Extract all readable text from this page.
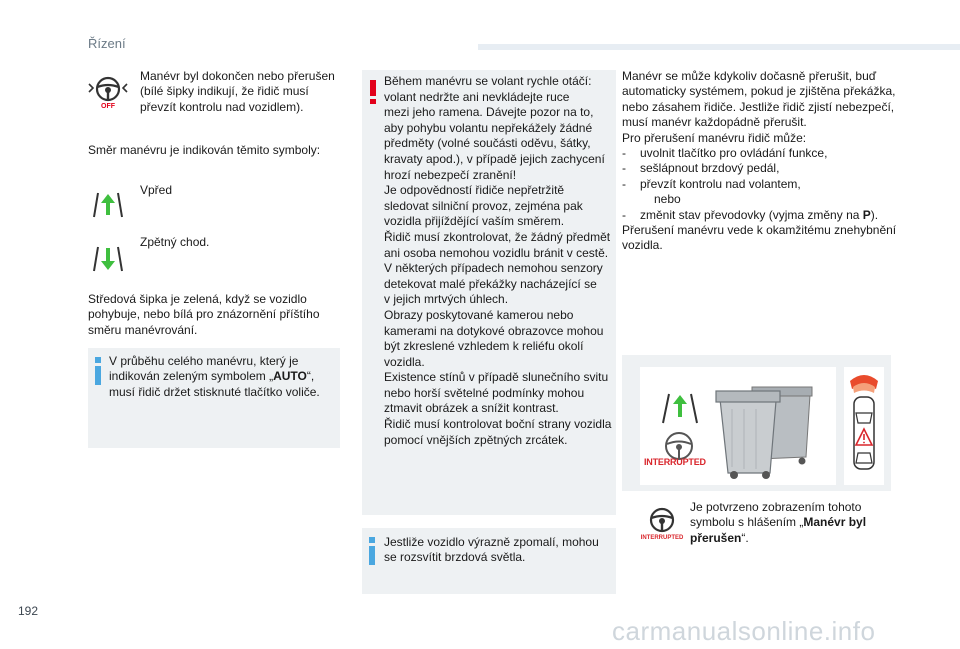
Řízení
OFF
Manévr byl dokončen nebo přerušen (bílé šipky indikují, že řidič musí převzít kontrolu nad vozidlem).
Směr manévru je indikován těmito symboly:
Vpřed
Zpětný chod.
Středová šipka je zelená, když se vozidlo pohybuje, nebo bílá pro znázornění příštího směru manévrování.
V průběhu celého manévru, který je indikován zeleným symbolem „AUTO“, musí řidič držet stisknuté tlačítko voliče.
Během manévru se volant rychle otáčí:
volant nedržte ani nevkládejte ruce
mezi jeho ramena. Dávejte pozor na to,
aby pohybu volantu nepřekážely žádné
předměty (volné součásti oděvu, šátky,
kravaty apod.), v případě jejich zachycení
hrozí nebezpečí zranění!
Je odpovědností řidiče nepřetržitě
sledovat silniční provoz, zejména pak
vozidla přijíždějící vaším směrem.
Řidič musí zkontrolovat, že žádný předmět
ani osoba nemohou vozidlu bránit v cestě.
V některých případech nemohou senzory
detekovat malé překážky nacházející se
v jejich mrtvých úhlech.
Obrazy poskytované kamerou nebo
kamerami na dotykové obrazovce mohou
být zkreslené vzhledem k reliéfu okolí
vozidla.
Existence stínů v případě slunečního svitu
nebo horší světelné podmínky mohou
ztmavit obrázek a snížit kontrast.
Řidič musí kontrolovat boční strany vozidla
pomocí vnějších zpětných zrcátek.
Jestliže vozidlo výrazně zpomalí, mohou se rozsvítit brzdová světla.
Manévr se může kdykoliv dočasně přerušit, buď automaticky systémem, pokud je zjištěna překážka, nebo zásahem řidiče. Jestliže řidič zjistí nebezpečí, musí manévr každopádně přerušit.
Pro přerušení manévru řidič může:
-	uvolnit tlačítko pro ovládání funkce,
-	sešlápnout brzdový pedál,
-	převzít kontrolu nad volantem,
nebo
-	změnit stav převodovky (vyjma změny na P).
Přerušení manévru vede k okamžitému znehybnění vozidla.
INTERRUPTED
INTERRUPTED
Je potvrzeno zobrazením tohoto symbolu s hlášením „Manévr byl přerušen“.
192
carmanualsonline.info
